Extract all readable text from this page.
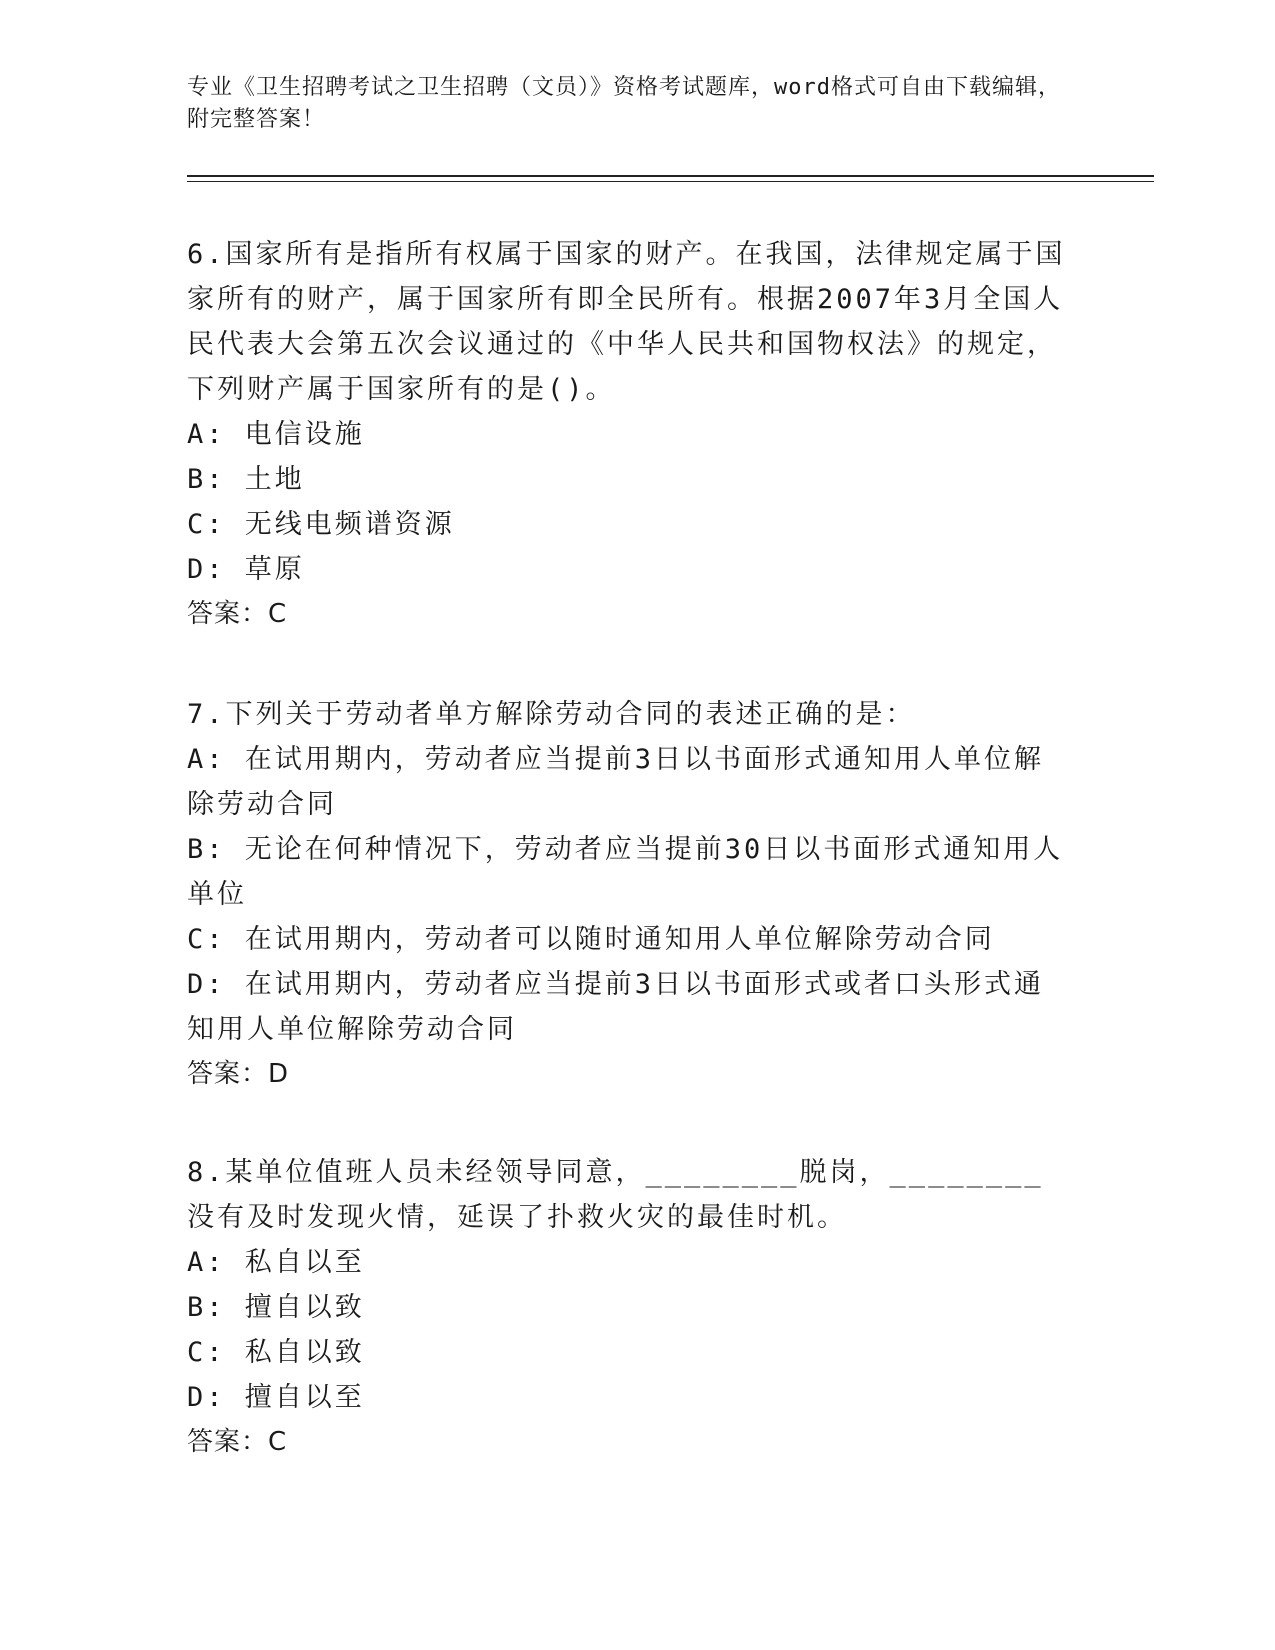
专业《卫生招聘考试之卫生招聘（文员）》资格考试题库，word格式可自由下载编辑，附完整答案！

6.国家所有是指所有权属于国家的财产。在我国，法律规定属于国家所有的财产，属于国家所有即全民所有。根据2007年3月全国人民代表大会第五次会议通过的《中华人民共和国物权法》的规定，下列财产属于国家所有的是()。

A: 电信设施

B: 土地

C: 无线电频谱资源

D: 草原

答案：C

7.下列关于劳动者单方解除劳动合同的表述正确的是：

A: 在试用期内，劳动者应当提前3日以书面形式通知用人单位解除劳动合同

B: 无论在何种情况下，劳动者应当提前30日以书面形式通知用人单位

C: 在试用期内，劳动者可以随时通知用人单位解除劳动合同

D: 在试用期内，劳动者应当提前3日以书面形式或者口头形式通知用人单位解除劳动合同

答案：D

8.某单位值班人员未经领导同意，________脱岗，________没有及时发现火情，延误了扑救火灾的最佳时机。

A: 私自以至

B: 擅自以致

C: 私自以致

D: 擅自以至

答案：C
